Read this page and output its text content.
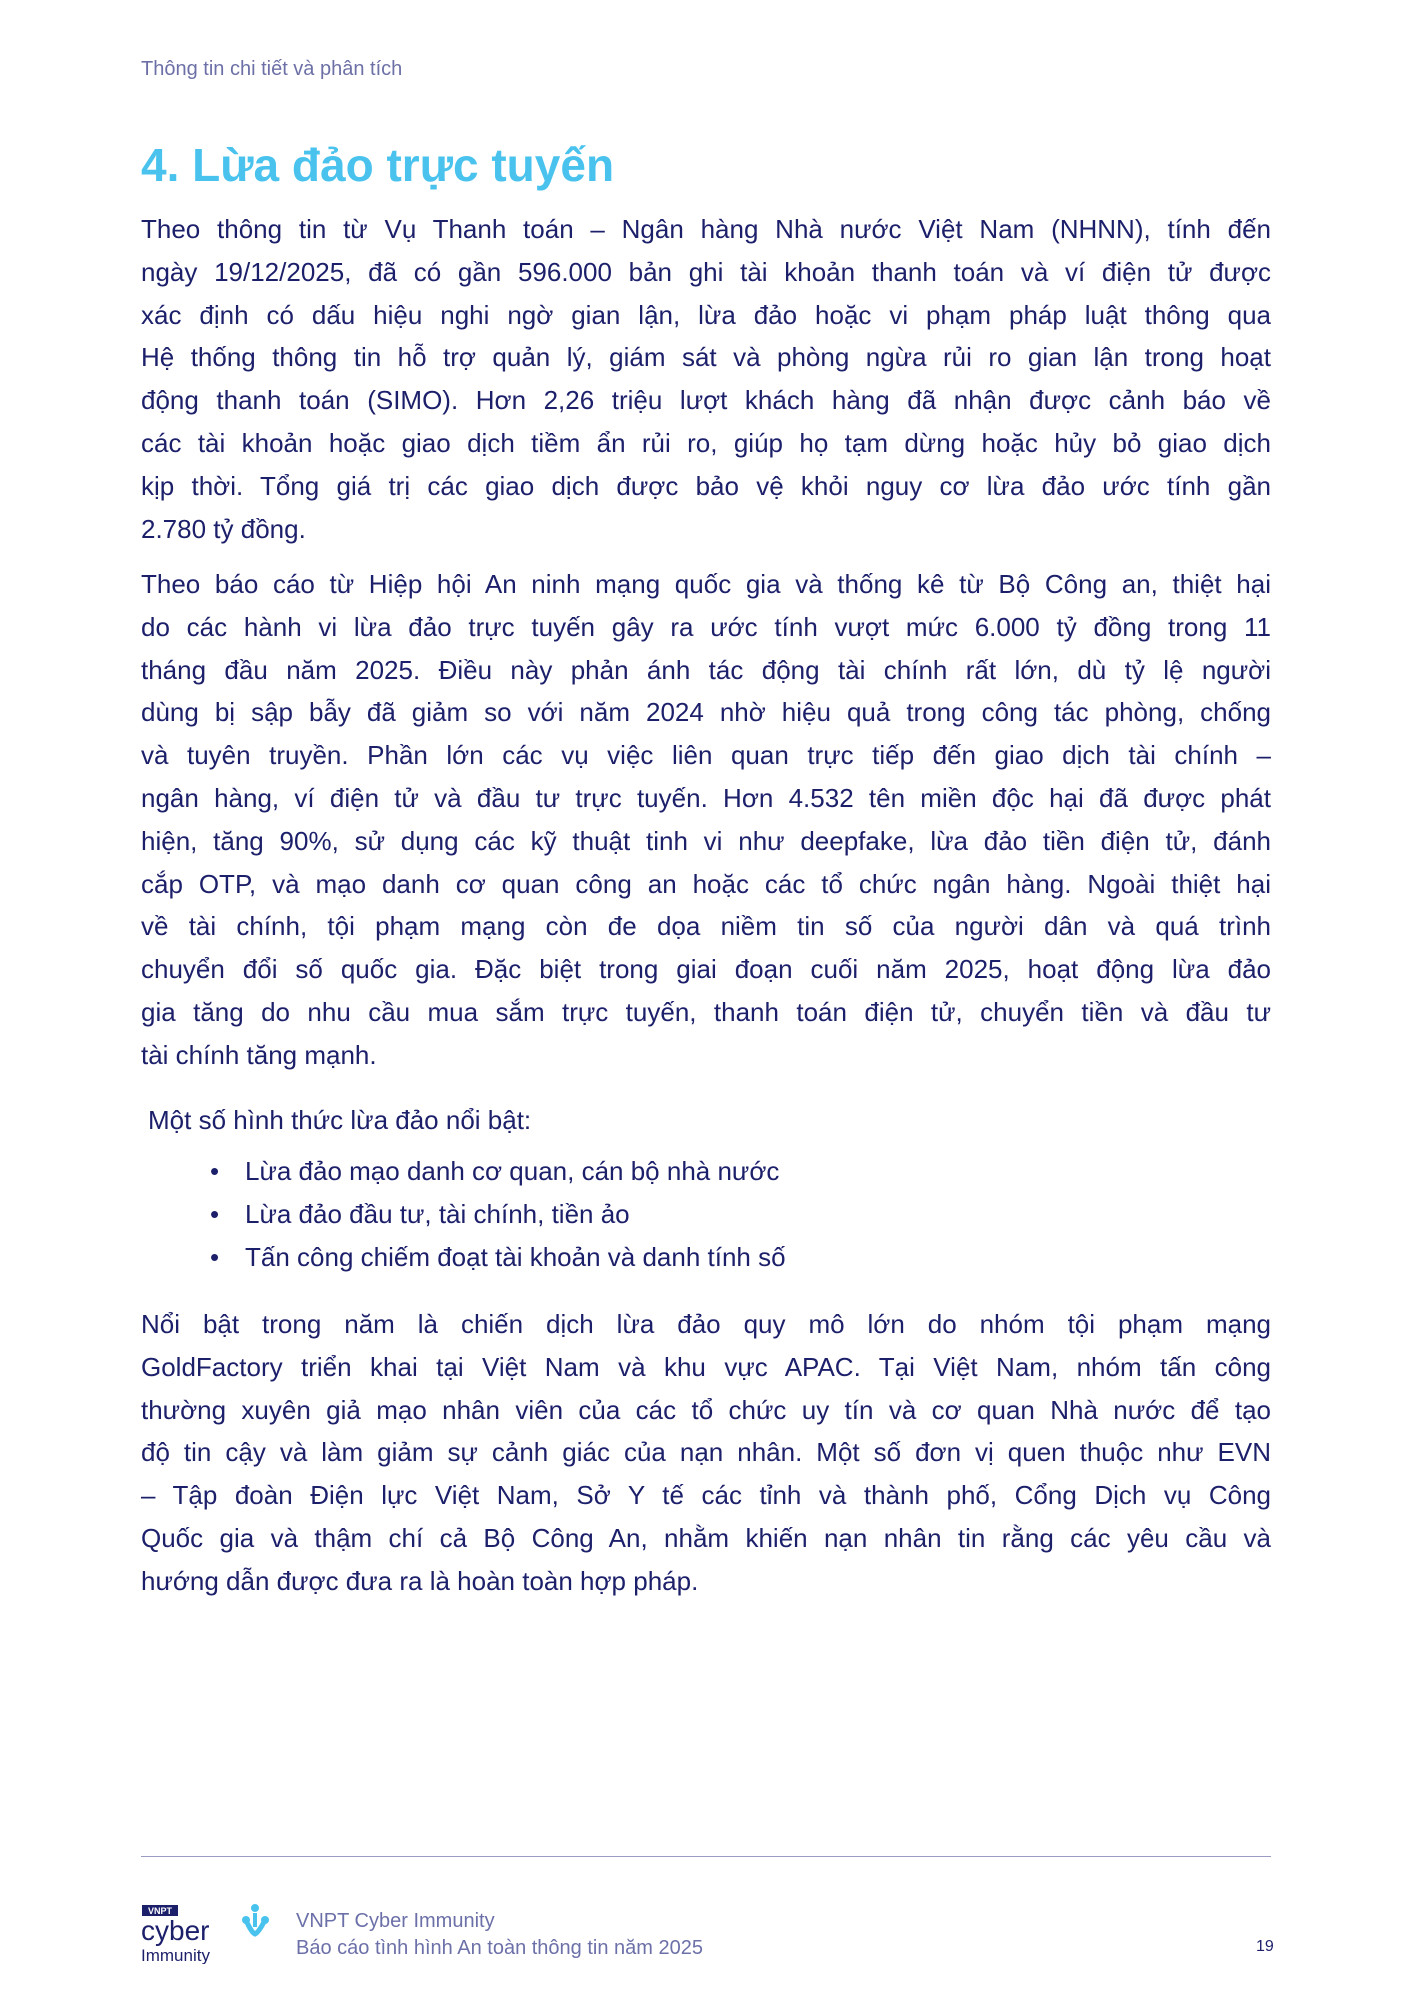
Thông tin chi tiết và phân tích
4. Lừa đảo trực tuyến
Theo thông tin từ Vụ Thanh toán – Ngân hàng Nhà nước Việt Nam (NHNN), tính đến
ngày 19/12/2025, đã có gần 596.000 bản ghi tài khoản thanh toán và ví điện tử được
xác định có dấu hiệu nghi ngờ gian lận, lừa đảo hoặc vi phạm pháp luật thông qua
Hệ thống thông tin hỗ trợ quản lý, giám sát và phòng ngừa rủi ro gian lận trong hoạt
động thanh toán (SIMO). Hơn 2,26 triệu lượt khách hàng đã nhận được cảnh báo về
các tài khoản hoặc giao dịch tiềm ẩn rủi ro, giúp họ tạm dừng hoặc hủy bỏ giao dịch
kịp thời. Tổng giá trị các giao dịch được bảo vệ khỏi nguy cơ lừa đảo ước tính gần
2.780 tỷ đồng.
Theo báo cáo từ Hiệp hội An ninh mạng quốc gia và thống kê từ Bộ Công an, thiệt hại
do các hành vi lừa đảo trực tuyến gây ra ước tính vượt mức 6.000 tỷ đồng trong 11
tháng đầu năm 2025. Điều này phản ánh tác động tài chính rất lớn, dù tỷ lệ người
dùng bị sập bẫy đã giảm so với năm 2024 nhờ hiệu quả trong công tác phòng, chống
và tuyên truyền. Phần lớn các vụ việc liên quan trực tiếp đến giao dịch tài chính –
ngân hàng, ví điện tử và đầu tư trực tuyến. Hơn 4.532 tên miền độc hại đã được phát
hiện, tăng 90%, sử dụng các kỹ thuật tinh vi như deepfake, lừa đảo tiền điện tử, đánh
cắp OTP, và mạo danh cơ quan công an hoặc các tổ chức ngân hàng. Ngoài thiệt hại
về tài chính, tội phạm mạng còn đe dọa niềm tin số của người dân và quá trình
chuyển đổi số quốc gia. Đặc biệt trong giai đoạn cuối năm 2025, hoạt động lừa đảo
gia tăng do nhu cầu mua sắm trực tuyến, thanh toán điện tử, chuyển tiền và đầu tư
tài chính tăng mạnh.
Một số hình thức lừa đảo nổi bật:
• Lừa đảo mạo danh cơ quan, cán bộ nhà nước
• Lừa đảo đầu tư, tài chính, tiền ảo
• Tấn công chiếm đoạt tài khoản và danh tính số
Nổi bật trong năm là chiến dịch lừa đảo quy mô lớn do nhóm tội phạm mạng
GoldFactory triển khai tại Việt Nam và khu vực APAC. Tại Việt Nam, nhóm tấn công
thường xuyên giả mạo nhân viên của các tổ chức uy tín và cơ quan Nhà nước để tạo
độ tin cậy và làm giảm sự cảnh giác của nạn nhân. Một số đơn vị quen thuộc như EVN
– Tập đoàn Điện lực Việt Nam, Sở Y tế các tỉnh và thành phố, Cổng Dịch vụ Công
Quốc gia và thậm chí cả Bộ Công An, nhằm khiến nạn nhân tin rằng các yêu cầu và
hướng dẫn được đưa ra là hoàn toàn hợp pháp.
VNPT
cyber
Immunity
VNPT Cyber Immunity
Báo cáo tình hình An toàn thông tin năm 2025	19
